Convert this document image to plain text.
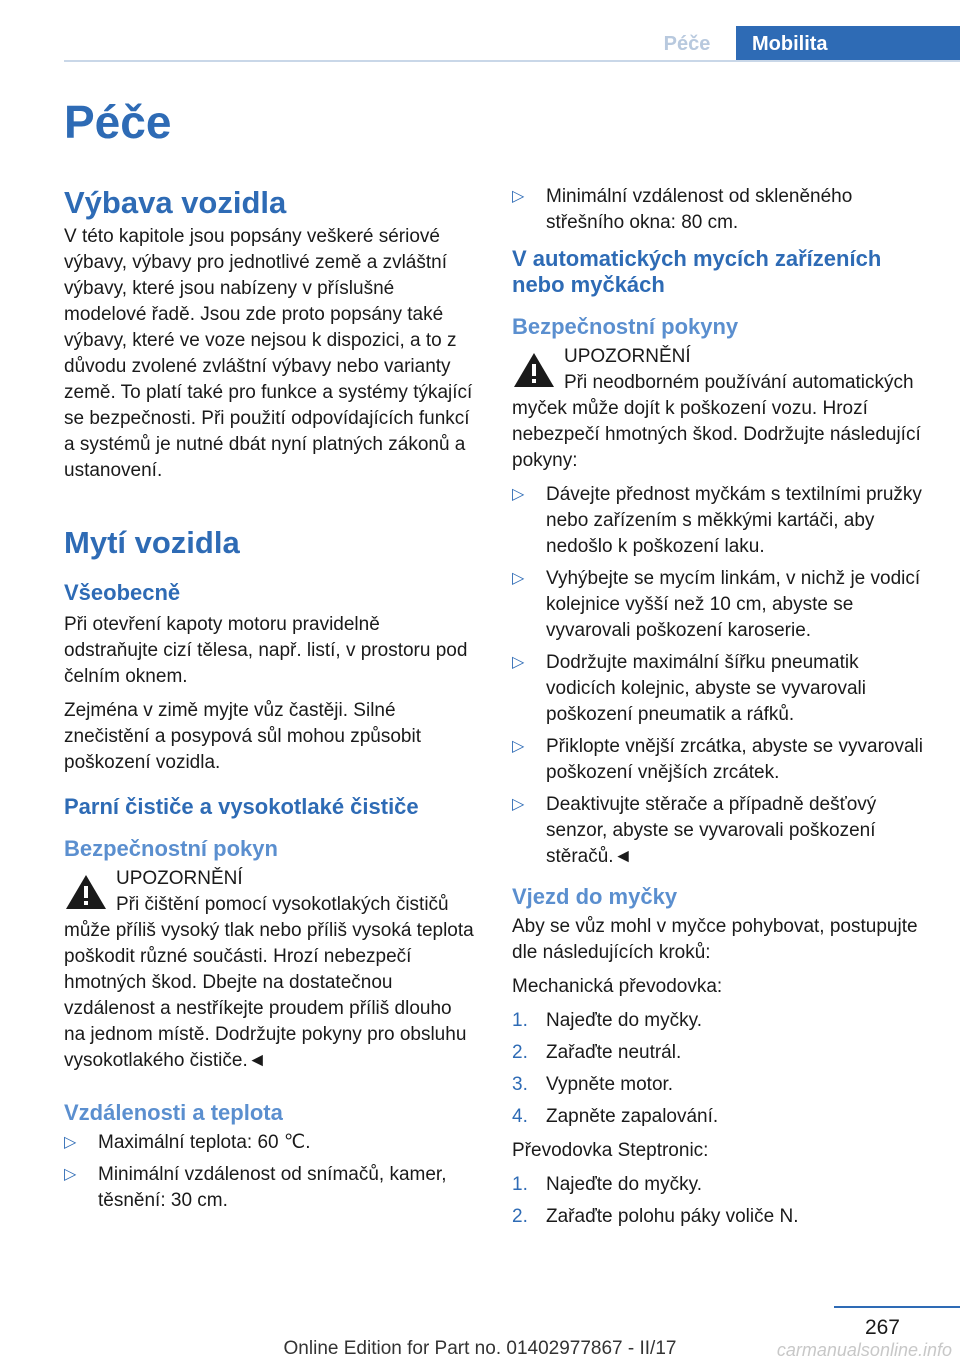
Péče	Mobilita
Péče
Výbava vozidla

V této kapitole jsou popsány veškeré sériové výbavy, výbavy pro jednotlivé země a zvláštní výbavy, které jsou nabízeny v příslušné modelové řadě. Jsou zde proto popsány také výbavy, které ve voze nejsou k dispozici, a to z důvodu zvolené zvláštní výbavy nebo varianty země. To platí také pro funkce a systémy týkající se bezpečnosti. Při použití odpovídajících funkcí a systémů je nutné dbát nyní platných zákonů a ustanovení.

Mytí vozidla
Všeobecně

Při otevření kapoty motoru pravidelně odstraňujte cizí tělesa, např. listí, v prostoru pod čelním oknem.

Zejména v zimě myjte vůz častěji. Silné znečistění a posypová sůl mohou způsobit poškození vozidla.

Parní čističe a vysokotlaké čističe
Bezpečnostní pokyn
UPOZORNĚNÍ
Při čištění pomocí vysokotlakých čističů může příliš vysoký tlak nebo příliš vysoká teplota poškodit různé součásti. Hrozí nebezpečí hmotných škod. Dbejte na dostatečnou vzdálenost a nestříkejte proudem příliš dlouho na jednom místě. Dodržujte pokyny pro obsluhu vysokotlakého čističe.◄
Vzdálenosti a teplota
▷ Maximální teplota: 60 ℃.
▷ Minimální vzdálenost od snímačů, kamer, těsnění: 30 cm.
▷ Minimální vzdálenost od skleněného střešního okna: 80 cm.
V automatických mycích zařízeních nebo myčkách
Bezpečnostní pokyny
UPOZORNĚNÍ
Při neodborném používání automatických myček může dojít k poškození vozu. Hrozí nebezpečí hmotných škod. Dodržujte následující pokyny:
▷ Dávejte přednost myčkám s textilními pružky nebo zařízením s měkkými kartáči, aby nedošlo k poškození laku.
▷ Vyhýbejte se mycím linkám, v nichž je vodicí kolejnice vyšší než 10 cm, abyste se vyvarovali poškození karoserie.
▷ Dodržujte maximální šířku pneumatik vodicích kolejnic, abyste se vyvarovali poškození pneumatik a ráfků.
▷ Přiklopte vnější zrcátka, abyste se vyvarovali poškození vnějších zrcátek.
▷ Deaktivujte stěrače a případně dešťový senzor, abyste se vyvarovali poškození stěračů.◄
Vjezd do myčky

Aby se vůz mohl v myčce pohybovat, postupujte dle následujících kroků:

Mechanická převodovka:

1. Najeďte do myčky.
2. Zařaďte neutrál.
3. Vypněte motor.
4. Zapněte zapalování.

Převodovka Steptronic:

1. Najeďte do myčky.
2. Zařaďte polohu páky voliče N.
267
Online Edition for Part no. 01402977867 - II/17	carmanualsonline.info
